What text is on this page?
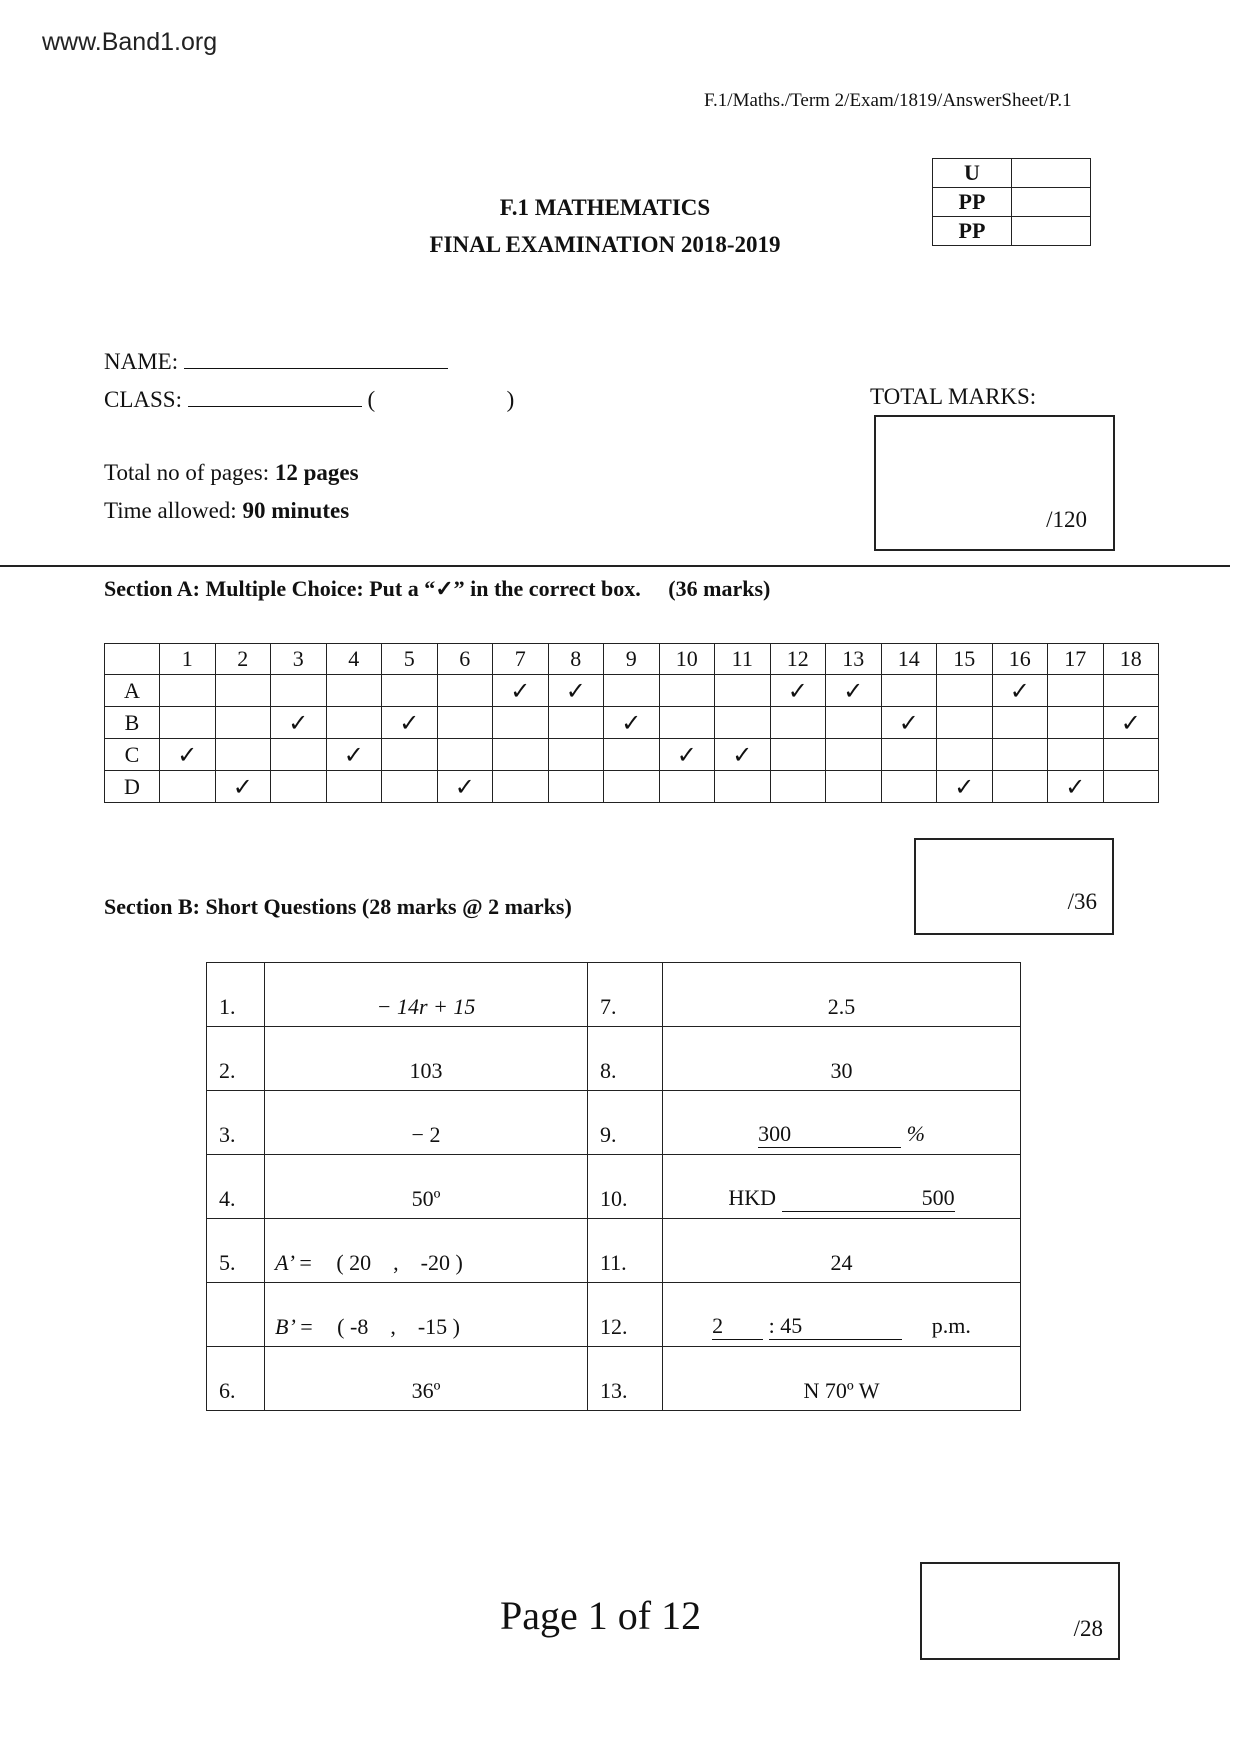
www.Band1.org
F.1/Maths./Term 2/Exam/1819/AnswerSheet/P.1
F.1 MATHEMATICS
FINAL EXAMINATION 2018-2019
U	
PP	
PP	
NAME:
CLASS:	(	)	TOTAL MARKS:
/120
Total no of pages: 12 pages
Time allowed: 90 minutes
Section A: Multiple Choice: Put a “✓” in the correct box. (36 marks)
	1	2	3	4	5	6	7	8	9	10	11	12	13	14	15	16	17	18
A							✓	✓				✓	✓			✓		
B			✓		✓				✓					✓				✓
C	✓			✓						✓	✓							
D		✓				✓									✓		✓	
/36
Section B: Short Questions (28 marks @ 2 marks)
1.	− 14r + 15	7.	2.5
2.	103	8.	30
3.	− 2	9.	300 %
4.	50º	10.	HKD 500
5.	A’ = ( 20    ,    -20 )	11.	24
	B’ = ( -8    ,    -15 )	12.	2 : 45 p.m.
6.	36º	13.	N 70º W
Page 1 of 12	/28
